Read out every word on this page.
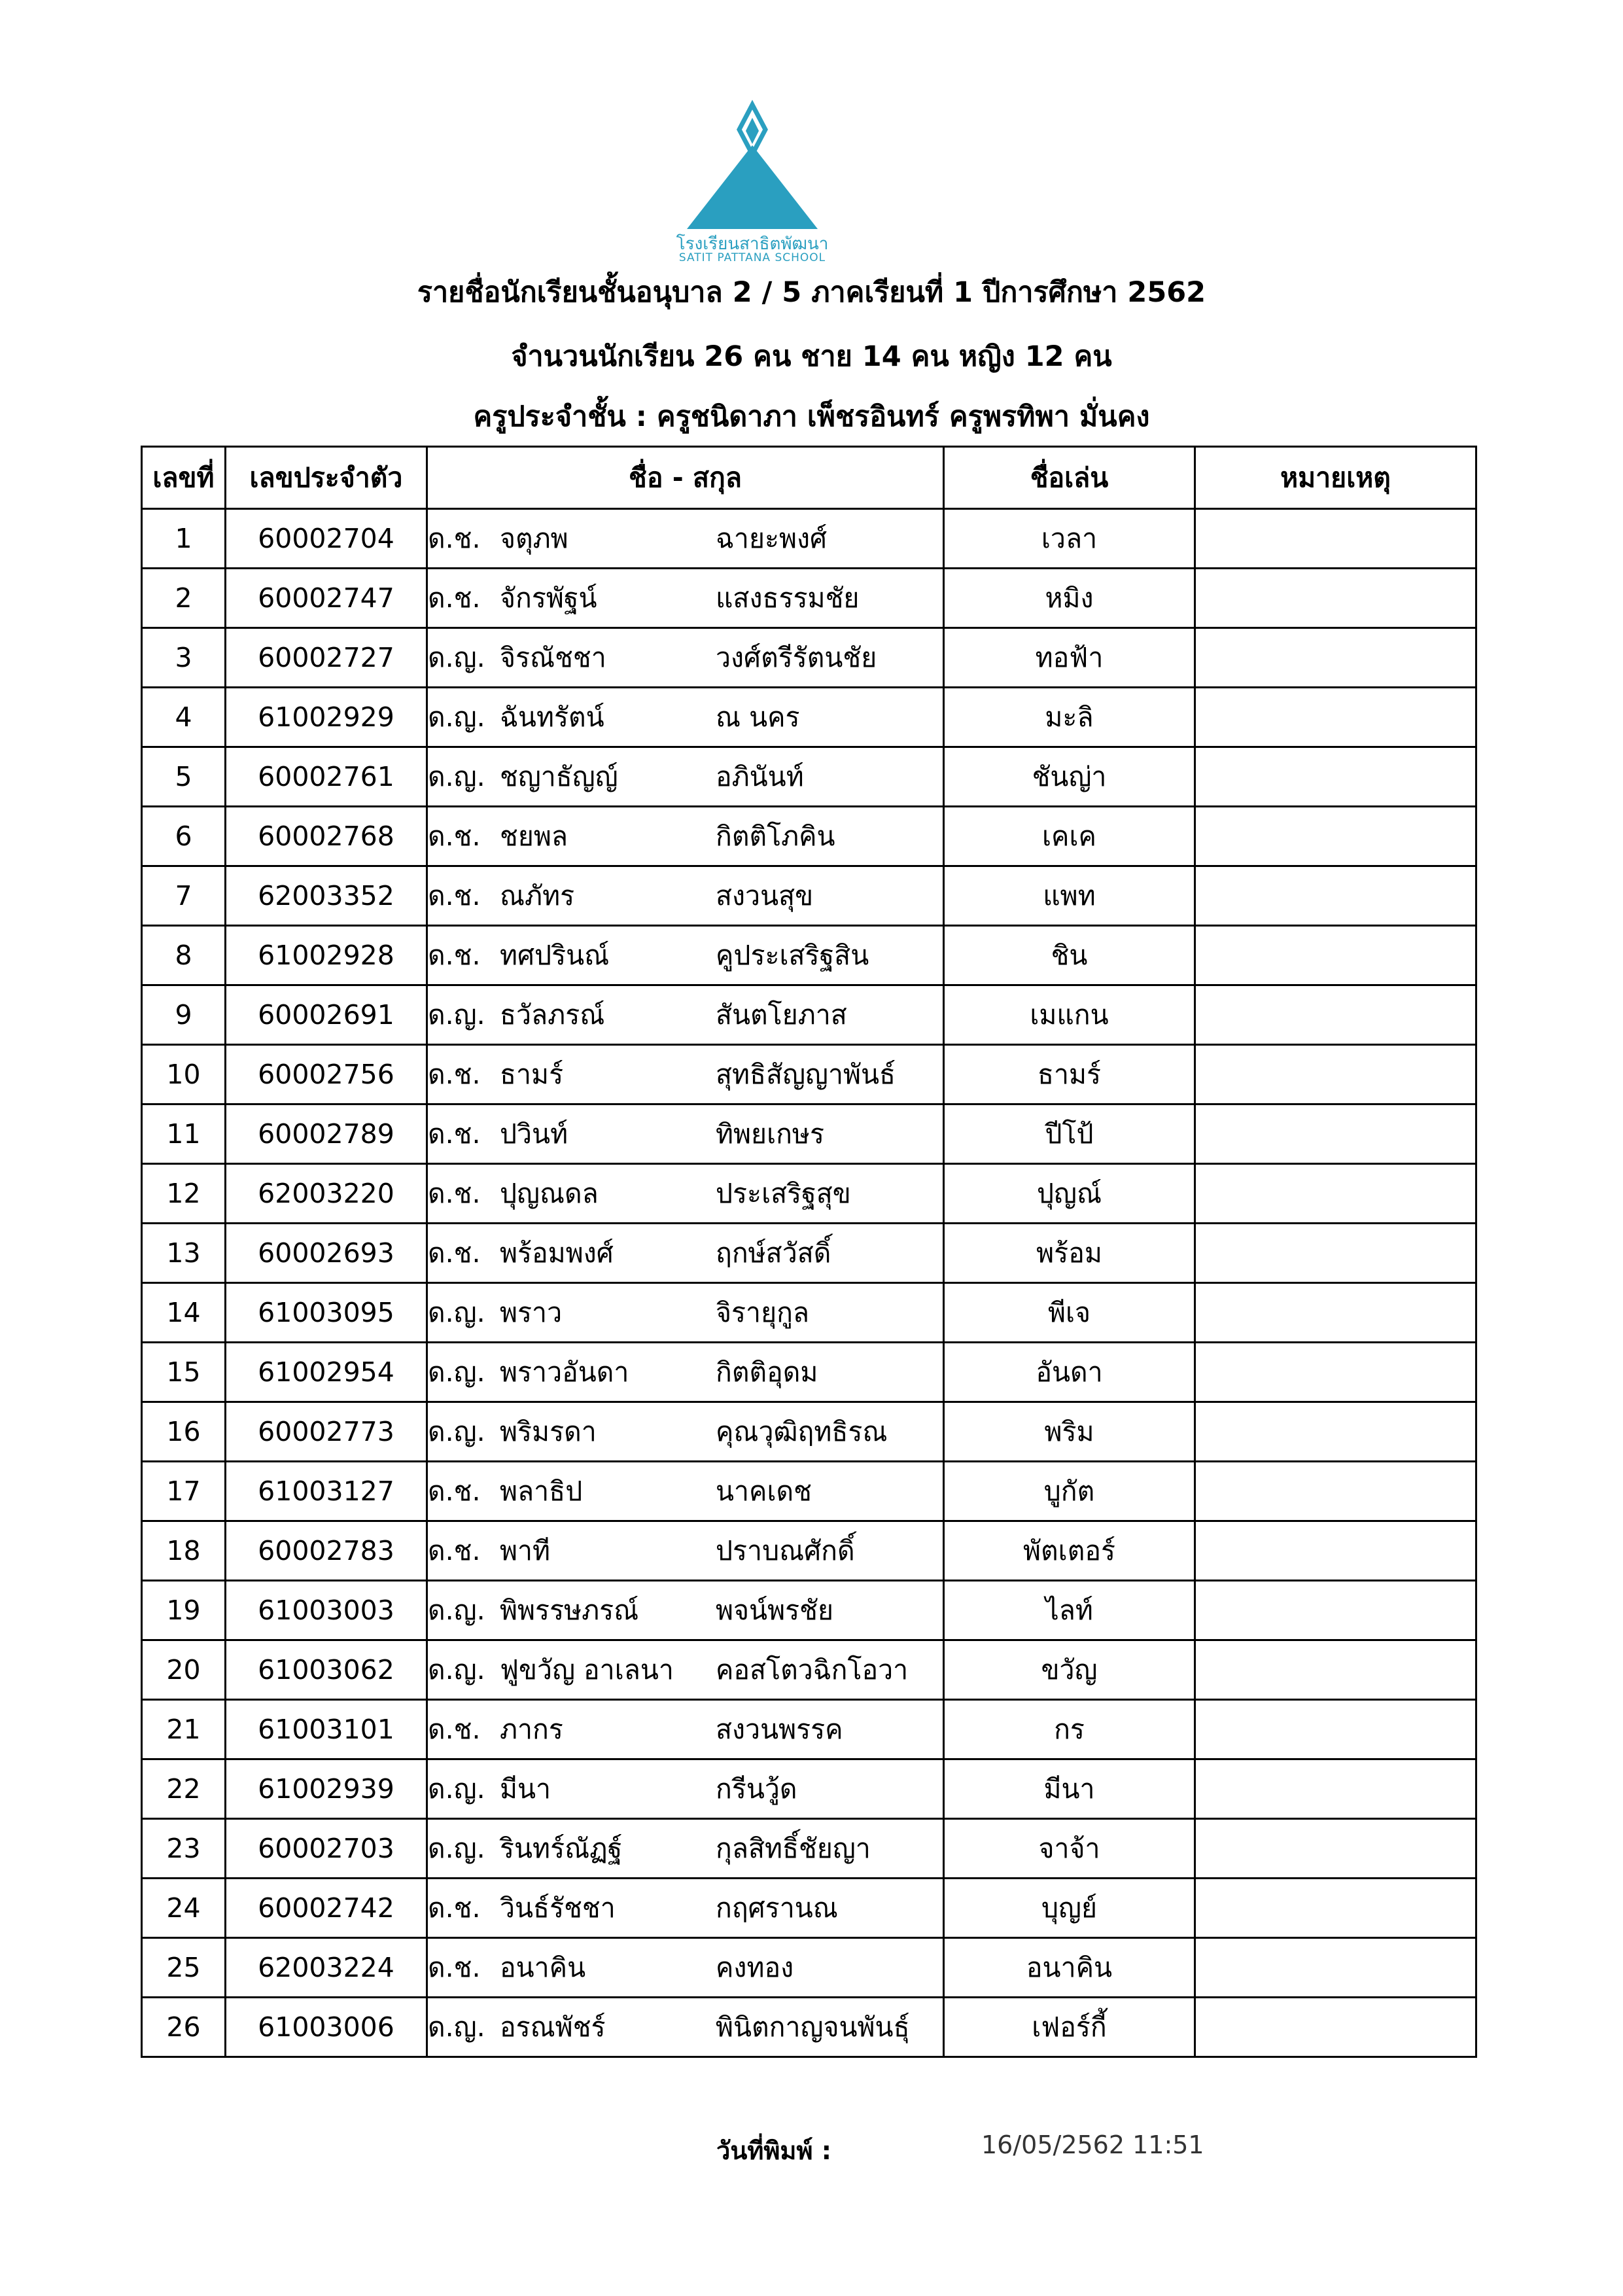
โรงเรียนสาธิตพัฒนา
SATIT PATTANA SCHOOL
รายชื่อนักเรียนชั้นอนุบาล 2 / 5 ภาคเรียนที่ 1 ปีการศึกษา 2562
จำนวนนักเรียน 26 คน ชาย 14 คน หญิง 12 คน
ครูประจำชั้น : ครูชนิดาภา เพ็ชรอินทร์ ครูพรทิพา มั่นคง
เลขที่	เลขประจำตัว	ชื่อ - สกุล	ชื่อเล่น	หมายเหตุ
1	60002704	ด.ช. จตุภพ ฉายะพงศ์	เวลา	
2	60002747	ด.ช. จักรพัฐน์ แสงธรรมชัย	หมิง	
3	60002727	ด.ญ. จิรณัชชา วงศ์ตรีรัตนชัย	ทอฟ้า	
4	61002929	ด.ญ. ฉันทรัตน์ ณ นคร	มะลิ	
5	60002761	ด.ญ. ชญาธัญญ์ อภินันท์	ชันญ่า	
6	60002768	ด.ช. ชยพล กิตติโภคิน	เคเค	
7	62003352	ด.ช. ณภัทร สงวนสุข	แพท	
8	61002928	ด.ช. ทศปรินณ์ คูประเสริฐสิน	ชิน	
9	60002691	ด.ญ. ธวัลภรณ์ สันตโยภาส	เมแกน	
10	60002756	ด.ช. ธามร์ สุทธิสัญญาพันธ์	ธามร์	
11	60002789	ด.ช. ปวินท์ ทิพยเกษร	ปีโป้	
12	62003220	ด.ช. ปุญณดล ประเสริฐสุข	ปุญณ์	
13	60002693	ด.ช. พร้อมพงศ์ ฤกษ์สวัสดิ์	พร้อม	
14	61003095	ด.ญ. พราว จิรายุกูล	พีเจ	
15	61002954	ด.ญ. พราวอันดา กิตติอุดม	อันดา	
16	60002773	ด.ญ. พริมรดา คุณวุฒิฤทธิรณ	พริม	
17	61003127	ด.ช. พลาธิป นาคเดช	บูกัต	
18	60002783	ด.ช. พาที ปราบณศักดิ์	พัตเตอร์	
19	61003003	ด.ญ. พิพรรษภรณ์ พจน์พรชัย	ไลท์	
20	61003062	ด.ญ. ฟูขวัญ อาเลนา คอสโตวฉิกโอวา	ขวัญ	
21	61003101	ด.ช. ภากร สงวนพรรค	กร	
22	61002939	ด.ญ. มีนา กรีนวู้ด	มีนา	
23	60002703	ด.ญ. รินทร์ณัฏฐ์ กุลสิทธิ์ชัยญา	จาจ้า	
24	60002742	ด.ช. วินธ์รัชชา กฤศรานณ	บุญย์	
25	62003224	ด.ช. อนาคิน คงทอง	อนาคิน	
26	61003006	ด.ญ. อรณพัชร์ พินิตกาญจนพันธุ์	เฟอร์กี้	
วันที่พิมพ์ :	16/05/2562 11:51
